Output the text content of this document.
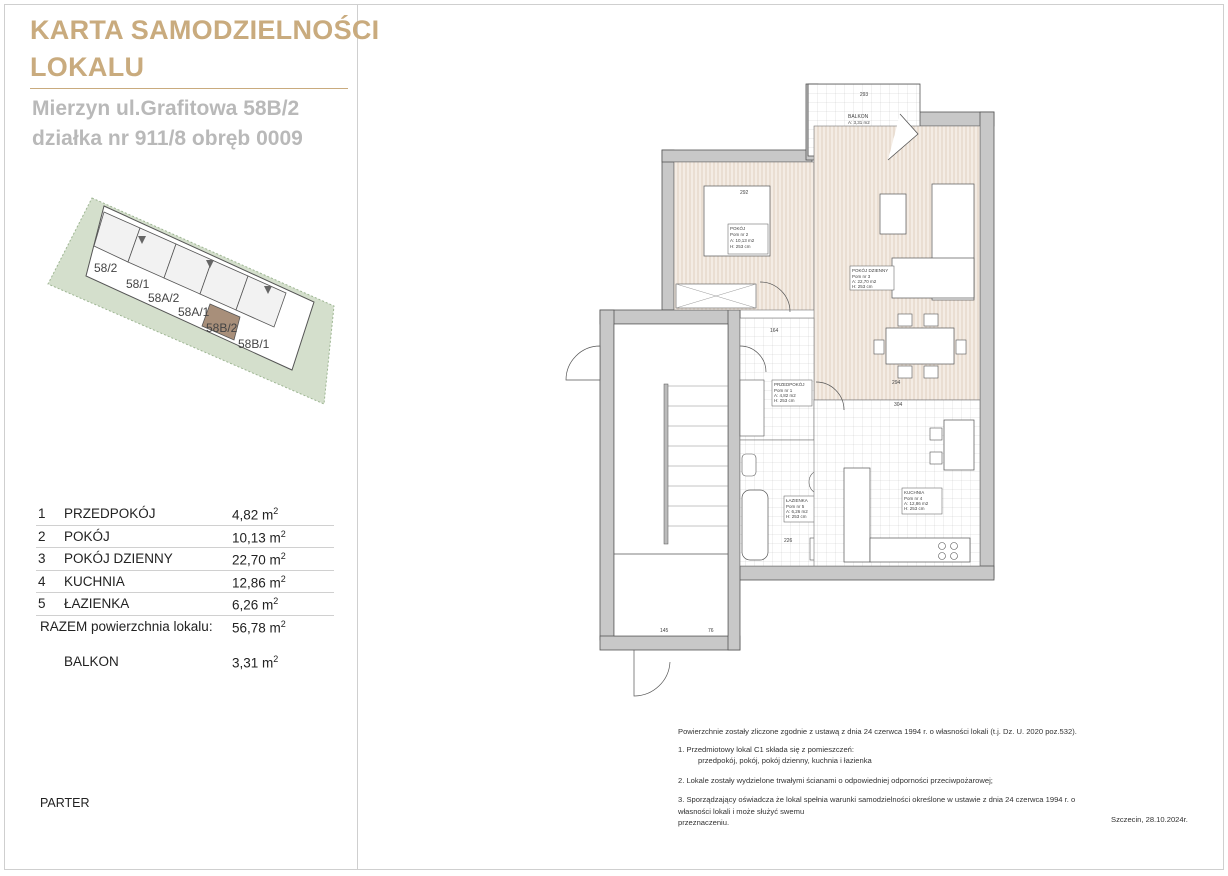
KARTA SAMODZIELNOŚCI
LOKALU
Mierzyn ul.Grafitowa 58B/2
działka nr 911/8 obręb 0009
58/2
58/1
58A/2
58A/1
58B/2
58B/1
1 PRZEDPOKÓJ	4,82 $m^2$
2 POKÓJ	10,13 $m^2$
3 POKÓJ DZIENNY	22,70 $m^2$
4 KUCHNIA	12,86 $m^2$
5 ŁAZIENKA	6,26 $m^2$
RAZEM powierzchnia lokalu: 56,78 $m^2$
BALKON	3,31 $m^2$
PARTER
293
BALKON
A: 3,31 m2
POKÓJ
Pom nr 2
A: 10,13 m2
H: 253 cm
292
POKÓJ DZIENNY
Pom nr 3
A: 22,70 m2
H: 253 cm
294
164
PRZEDPOKÓJ
Pom nr 1
A: 4,82 m2
H: 253 cm
ŁAZIENKA
Pom nr 5
A: 6,26 m2
H: 253 cm
226
304
KUCHNIA
Pom nr 4
A: 12,86 m2
H: 253 cm
145	76

Powierzchnie zostały zliczone zgodnie z ustawą z dnia 24 czerwca 1994 r. o własności lokali (t.j. Dz. U. 2020 poz.532).

1. Przedmiotowy lokal C1 składa się z pomieszczeń:

przedpokój, pokój, pokój dzienny, kuchnia i łazienka

2. Lokale zostały wydzielone trwałymi ścianami o odpowiedniej odporności przeciwpożarowej;

3. Sporządzający oświadcza że lokal spełnia warunki samodzielności określone w ustawie z dnia 24 czerwca 1994 r. o własności lokali i może służyć swemu

przeznaczeniu.	Szczecin, 28.10.2024r.
